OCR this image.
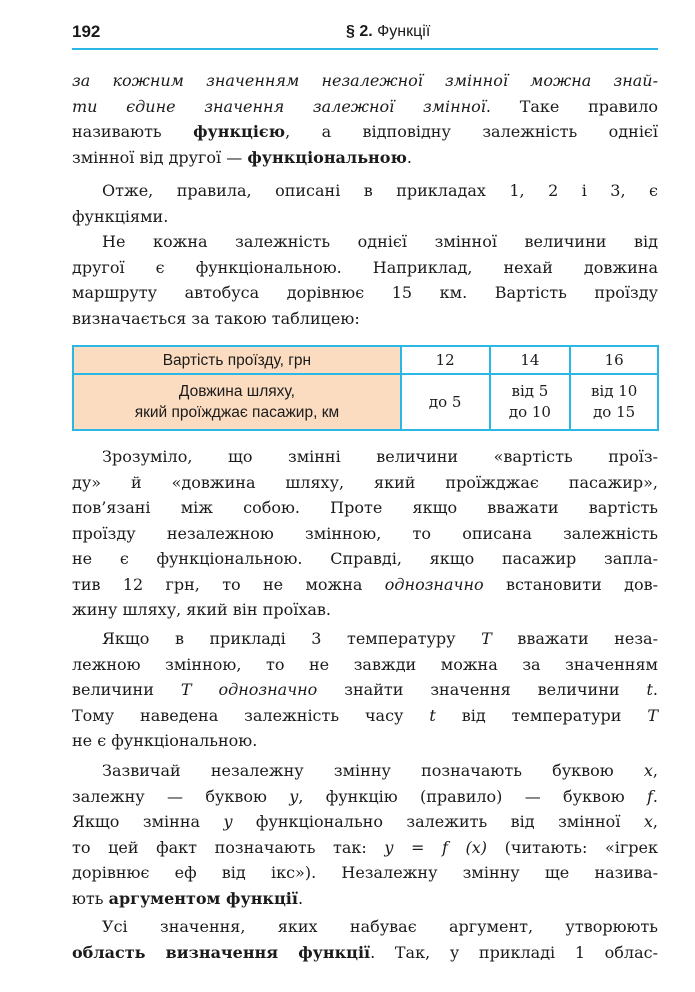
192	§ 2. Функції
за кожним значенням незалежної змінної можна знай-
ти єдине значення залежної змінної. Таке правило
називають функцією, а відповідну залежність однієї
змінної від другої — функціональною.
Отже, правила, описані в прикладах 1, 2 і 3, є
функціями.
Не кожна залежність однієї змінної величини від
другої є функціональною. Наприклад, нехай довжина
маршруту автобуса дорівнює 15 км. Вартість проїзду
визначається за такою таблицею:
Вартість проїзду, грн	12	14	16

Довжина шляху,
який проїжджає пасажир, км	до 5	від 5
до 10	від 10
до 15
Зрозуміло, що змінні величини «вартість проїз-
ду» й «довжина шляху, який проїжджає пасажир»,
пов’язані між собою. Проте якщо вважати вартість
проїзду незалежною змінною, то описана залежність
не є функціональною. Справді, якщо пасажир запла-
тив 12 грн, то не можна однозначно встановити дов-
жину шляху, який він проїхав.
Якщо в прикладі 3 температуру T вважати неза-
лежною змінною, то не завжди можна за значенням
величини T однозначно знайти значення величини t.
Тому наведена залежність часу t від температури T
не є функціональною.
Зазвичай незалежну змінну позначають буквою x,
залежну — буквою y, функцію (правило) — буквою f.
Якщо змінна y функціонально залежить від змінної x,
то цей факт позначають так: y = f (x) (читають: «ігрек
дорівнює еф від ікс»). Незалежну змінну ще назива-
ють аргументом функції.
Усі значення, яких набуває аргумент, утворюють
область визначення функції. Так, у прикладі 1 облас-
